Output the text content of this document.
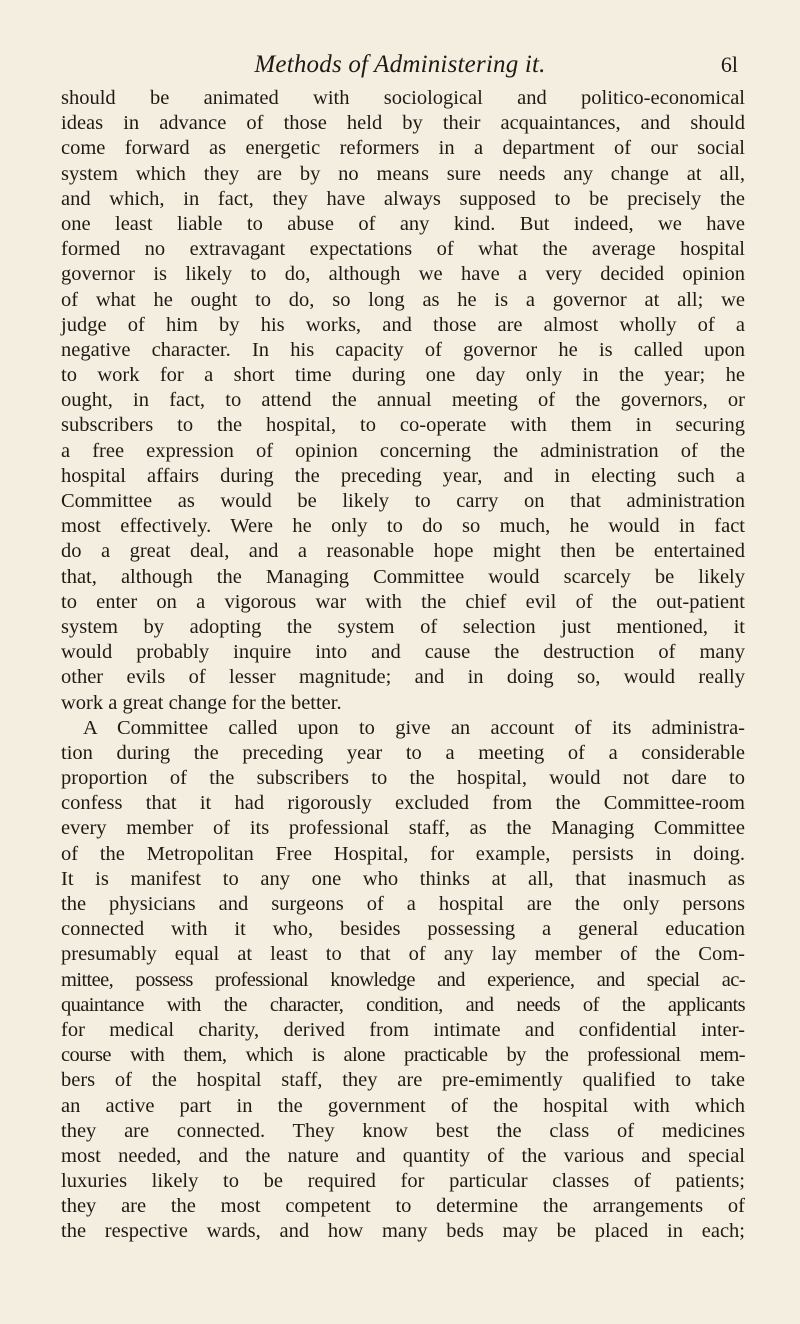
Methods of Administering it.	6l
should be animated with sociological and politico-economical
ideas in advance of those held by their acquaintances, and should
come forward as energetic reformers in a department of our social
system which they are by no means sure needs any change at all,
and which, in fact, they have always supposed to be precisely the
one least liable to abuse of any kind. But indeed, we have
formed no extravagant expectations of what the average hospital
governor is likely to do, although we have a very decided opinion
of what he ought to do, so long as he is a governor at all; we
judge of him by his works, and those are almost wholly of a
negative character. In his capacity of governor he is called upon
to work for a short time during one day only in the year; he
ought, in fact, to attend the annual meeting of the governors, or
subscribers to the hospital, to co-operate with them in securing
a free expression of opinion concerning the administration of the
hospital affairs during the preceding year, and in electing such a
Committee as would be likely to carry on that administration
most effectively. Were he only to do so much, he would in fact
do a great deal, and a reasonable hope might then be entertained
that, although the Managing Committee would scarcely be likely
to enter on a vigorous war with the chief evil of the out-patient
system by adopting the system of selection just mentioned, it
would probably inquire into and cause the destruction of many
other evils of lesser magnitude; and in doing so, would really
work a great change for the better.
A Committee called upon to give an account of its administra-
tion during the preceding year to a meeting of a considerable
proportion of the subscribers to the hospital, would not dare to
confess that it had rigorously excluded from the Committee-room
every member of its professional staff, as the Managing Committee
of the Metropolitan Free Hospital, for example, persists in doing.
It is manifest to any one who thinks at all, that inasmuch as
the physicians and surgeons of a hospital are the only persons
connected with it who, besides possessing a general education
presumably equal at least to that of any lay member of the Com-
mittee, possess professional knowledge and experience, and special ac-
quaintance with the character, condition, and needs of the applicants
for medical charity, derived from intimate and confidential inter-
course with them, which is alone practicable by the professional mem-
bers of the hospital staff, they are pre-emimently qualified to take
an active part in the government of the hospital with which
they are connected. They know best the class of medicines
most needed, and the nature and quantity of the various and special
luxuries likely to be required for particular classes of patients;
they are the most competent to determine the arrangements of
the respective wards, and how many beds may be placed in each;
